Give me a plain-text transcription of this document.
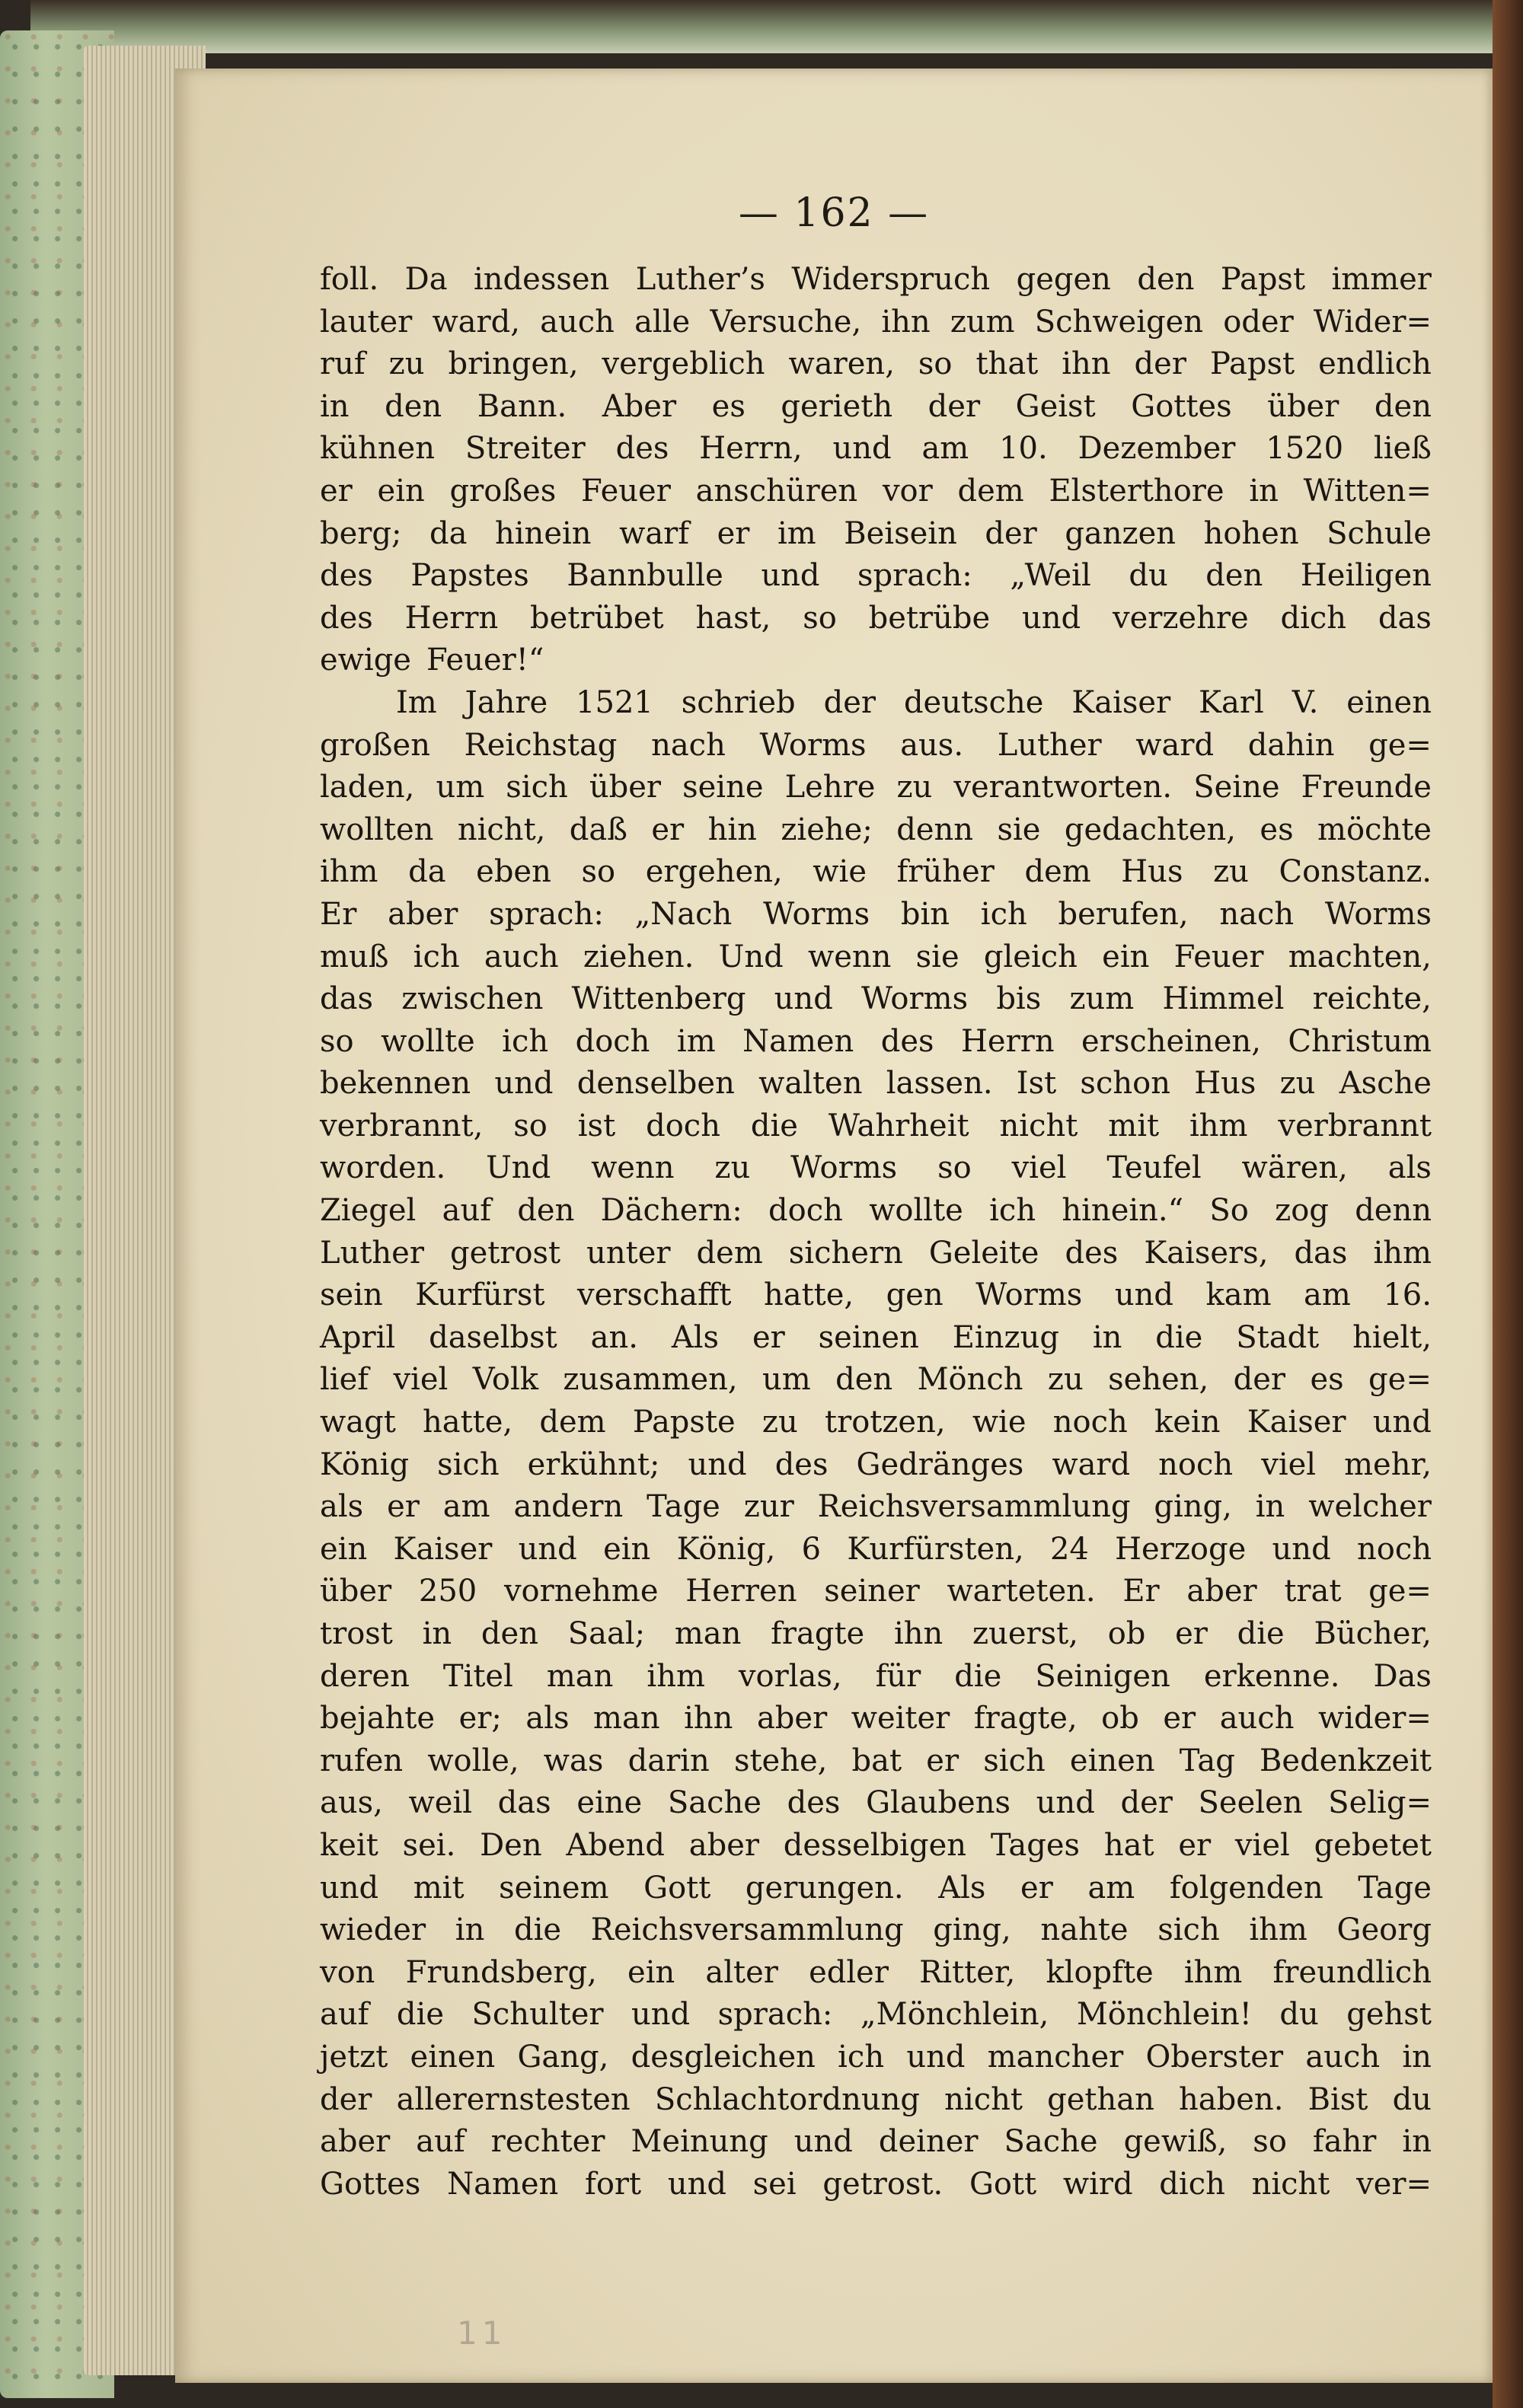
— 162 —
foll. Da indessen Luther’s Widerspruch gegen den Papst immer
lauter ward, auch alle Versuche, ihn zum Schweigen oder Wider=
ruf zu bringen, vergeblich waren, so that ihn der Papst endlich
in den Bann. Aber es gerieth der Geist Gottes über den
kühnen Streiter des Herrn, und am 10. Dezember 1520 ließ
er ein großes Feuer anschüren vor dem Elsterthore in Witten=
berg; da hinein warf er im Beisein der ganzen hohen Schule
des Papstes Bannbulle und sprach: „Weil du den Heiligen
des Herrn betrübet hast, so betrübe und verzehre dich das
ewige Feuer!“
Im Jahre 1521 schrieb der deutsche Kaiser Karl V. einen
großen Reichstag nach Worms aus. Luther ward dahin ge=
laden, um sich über seine Lehre zu verantworten. Seine Freunde
wollten nicht, daß er hin ziehe; denn sie gedachten, es möchte
ihm da eben so ergehen, wie früher dem Hus zu Constanz.
Er aber sprach: „Nach Worms bin ich berufen, nach Worms
muß ich auch ziehen. Und wenn sie gleich ein Feuer machten,
das zwischen Wittenberg und Worms bis zum Himmel reichte,
so wollte ich doch im Namen des Herrn erscheinen, Christum
bekennen und denselben walten lassen. Ist schon Hus zu Asche
verbrannt, so ist doch die Wahrheit nicht mit ihm verbrannt
worden. Und wenn zu Worms so viel Teufel wären, als
Ziegel auf den Dächern: doch wollte ich hinein.“ So zog denn
Luther getrost unter dem sichern Geleite des Kaisers, das ihm
sein Kurfürst verschafft hatte, gen Worms und kam am 16.
April daselbst an. Als er seinen Einzug in die Stadt hielt,
lief viel Volk zusammen, um den Mönch zu sehen, der es ge=
wagt hatte, dem Papste zu trotzen, wie noch kein Kaiser und
König sich erkühnt; und des Gedränges ward noch viel mehr,
als er am andern Tage zur Reichsversammlung ging, in welcher
ein Kaiser und ein König, 6 Kurfürsten, 24 Herzoge und noch
über 250 vornehme Herren seiner warteten. Er aber trat ge=
trost in den Saal; man fragte ihn zuerst, ob er die Bücher,
deren Titel man ihm vorlas, für die Seinigen erkenne. Das
bejahte er; als man ihn aber weiter fragte, ob er auch wider=
rufen wolle, was darin stehe, bat er sich einen Tag Bedenkzeit
aus, weil das eine Sache des Glaubens und der Seelen Selig=
keit sei. Den Abend aber desselbigen Tages hat er viel gebetet
und mit seinem Gott gerungen. Als er am folgenden Tage
wieder in die Reichsversammlung ging, nahte sich ihm Georg
von Frundsberg, ein alter edler Ritter, klopfte ihm freundlich
auf die Schulter und sprach: „Mönchlein, Mönchlein! du gehst
jetzt einen Gang, desgleichen ich und mancher Oberster auch in
der allerernstesten Schlachtordnung nicht gethan haben. Bist du
aber auf rechter Meinung und deiner Sache gewiß, so fahr in
Gottes Namen fort und sei getrost. Gott wird dich nicht ver=
11
